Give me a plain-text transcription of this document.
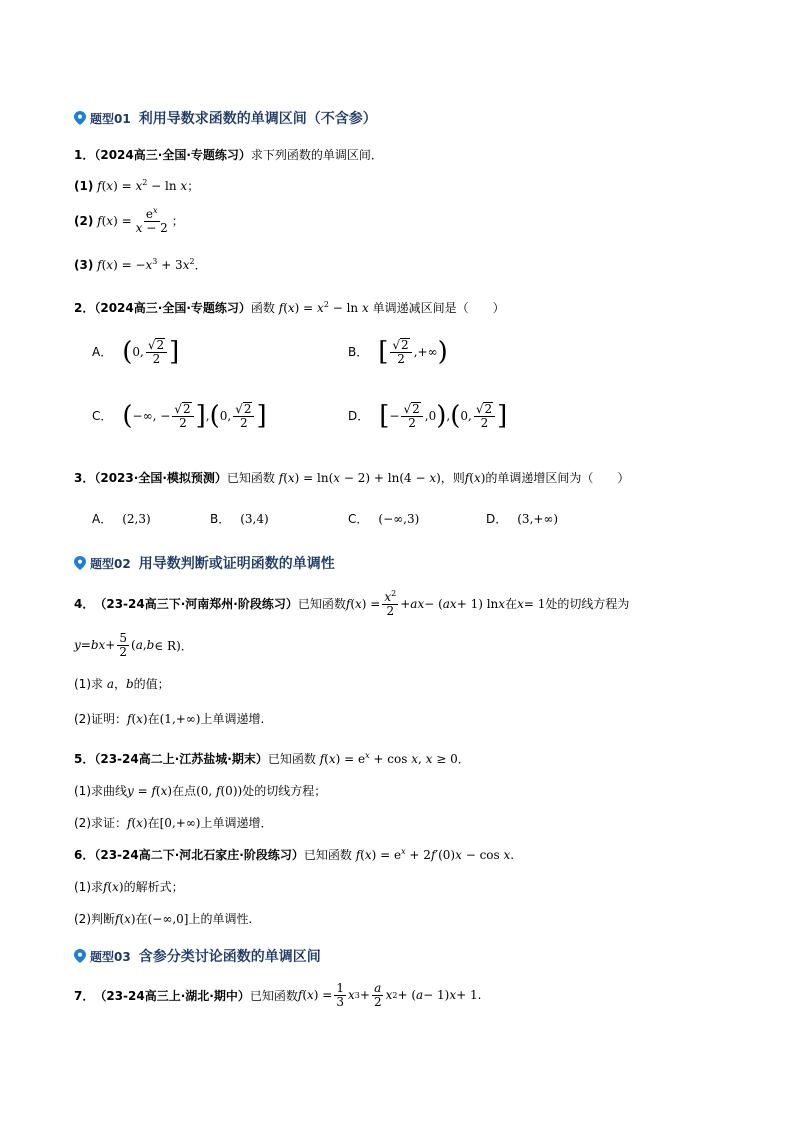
题型01 利用导数求函数的单调区间（不含参）
1．（2024高三·全国·专题练习）求下列函数的单调区间．
(1) $f(x) = x^2 - \ln x$；
(2)
f ( x ) = $\frac{e^x}{x - 2}$ ；
(3) $f(x) = -x^3 + 3x^2$．
2．（2024高三·全国·专题练习）函数 $f(x) = x^2 - \ln x$ 单调递减区间是（　　）
A． ( 0, $\frac{√ 2}{2}$ ]	B． [ $\frac{√ 2}{2}$ ,+∞ )
C． ( −∞, − $\frac{√ 2}{2}$ ] , ( 0, $\frac{√ 2}{2}$ ]	D． [ − $\frac{√ 2}{2} ,0$ ) , ( 0, $\frac{√ 2}{2}$ ]
3．（2023·全国·模拟预测）已知函数 f(x) = ln(x − 2) + ln(4 − x)，则f(x)的单调递增区间为（　　）
A． (2,3)	B． (3,4)	C． (−∞,3)	D． (3,+∞)
题型02 用导数判断或证明函数的单调性
4． （23-24高三下·河南郑州·阶段练习） 已知函数 f ( x ) = $\frac{x^2}{2}$ + ax − ( ax + 1) ln x 在 x = 1 处的切线方程为
y = bx + $\frac{5}{2}$ ( a , b ∈ R)．
(1)求 a，b的值；
(2)证明：f(x)在(1,+∞)上单调递增.
5．（23-24高二上·江苏盐城·期末）已知函数 $f(x) = e^x + \cos x$, x ≥ 0．
(1)求曲线y = f(x)在点(0, f(0))处的切线方程；
(2)求证：f(x)在[0,+∞)上单调递增．
6．（23-24高二下·河北石家庄·阶段练习）已知函数 $f(x) = e^x + 2f'(0)x - \cos x$.
(1)求f(x)的解析式；
(2)判断f(x)在(−∞,0]上的单调性.
题型03 含参分类讨论函数的单调区间
7． （23-24高三上·湖北·期中） 已知函数 f ( x ) = $\frac{1}{3}$ x $3 + \frac{a}{2}$ x 2 + ( a − 1) x + 1 .
